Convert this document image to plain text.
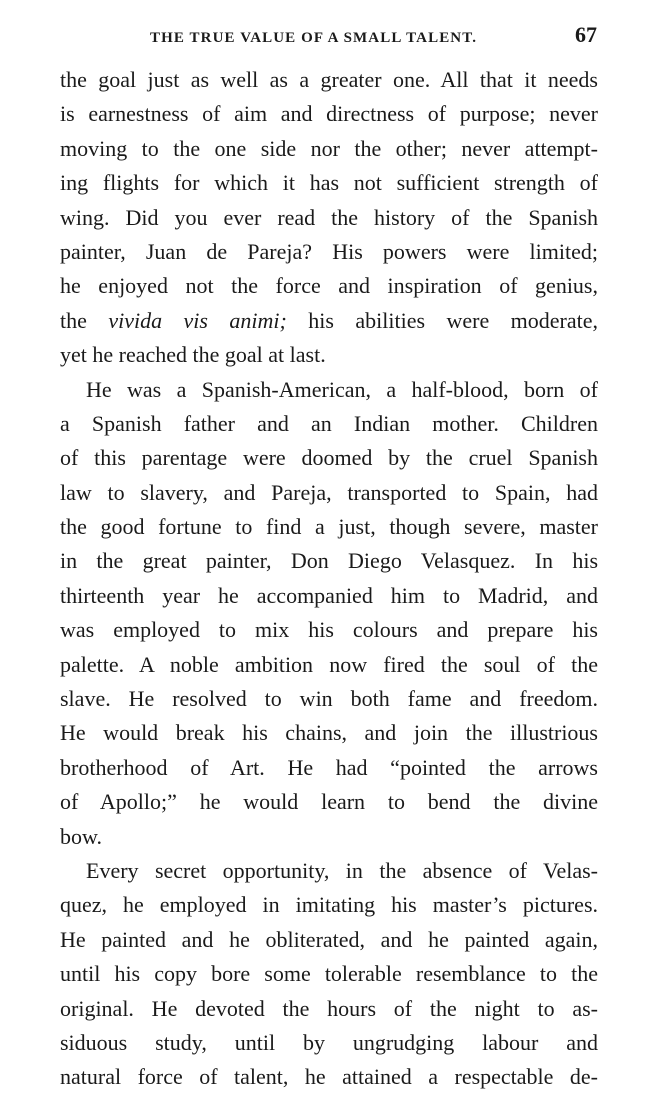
THE TRUE VALUE OF A SMALL TALENT.	67
the goal just as well as a greater one. All that it needs
is earnestness of aim and directness of purpose; never
moving to the one side nor the other; never attempt-
ing flights for which it has not sufficient strength of
wing. Did you ever read the history of the Spanish
painter, Juan de Pareja? His powers were limited;
he enjoyed not the force and inspiration of genius,
the vivida vis animi; his abilities were moderate,
yet he reached the goal at last.
He was a Spanish-American, a half-blood, born of
a Spanish father and an Indian mother. Children
of this parentage were doomed by the cruel Spanish
law to slavery, and Pareja, transported to Spain, had
the good fortune to find a just, though severe, master
in the great painter, Don Diego Velasquez. In his
thirteenth year he accompanied him to Madrid, and
was employed to mix his colours and prepare his
palette. A noble ambition now fired the soul of the
slave. He resolved to win both fame and freedom.
He would break his chains, and join the illustrious
brotherhood of Art. He had “pointed the arrows
of Apollo;” he would learn to bend the divine
bow.
Every secret opportunity, in the absence of Velas-
quez, he employed in imitating his master’s pictures.
He painted and he obliterated, and he painted again,
until his copy bore some tolerable resemblance to the
original. He devoted the hours of the night to as-
siduous study, until by ungrudging labour and
natural force of talent, he attained a respectable de-
